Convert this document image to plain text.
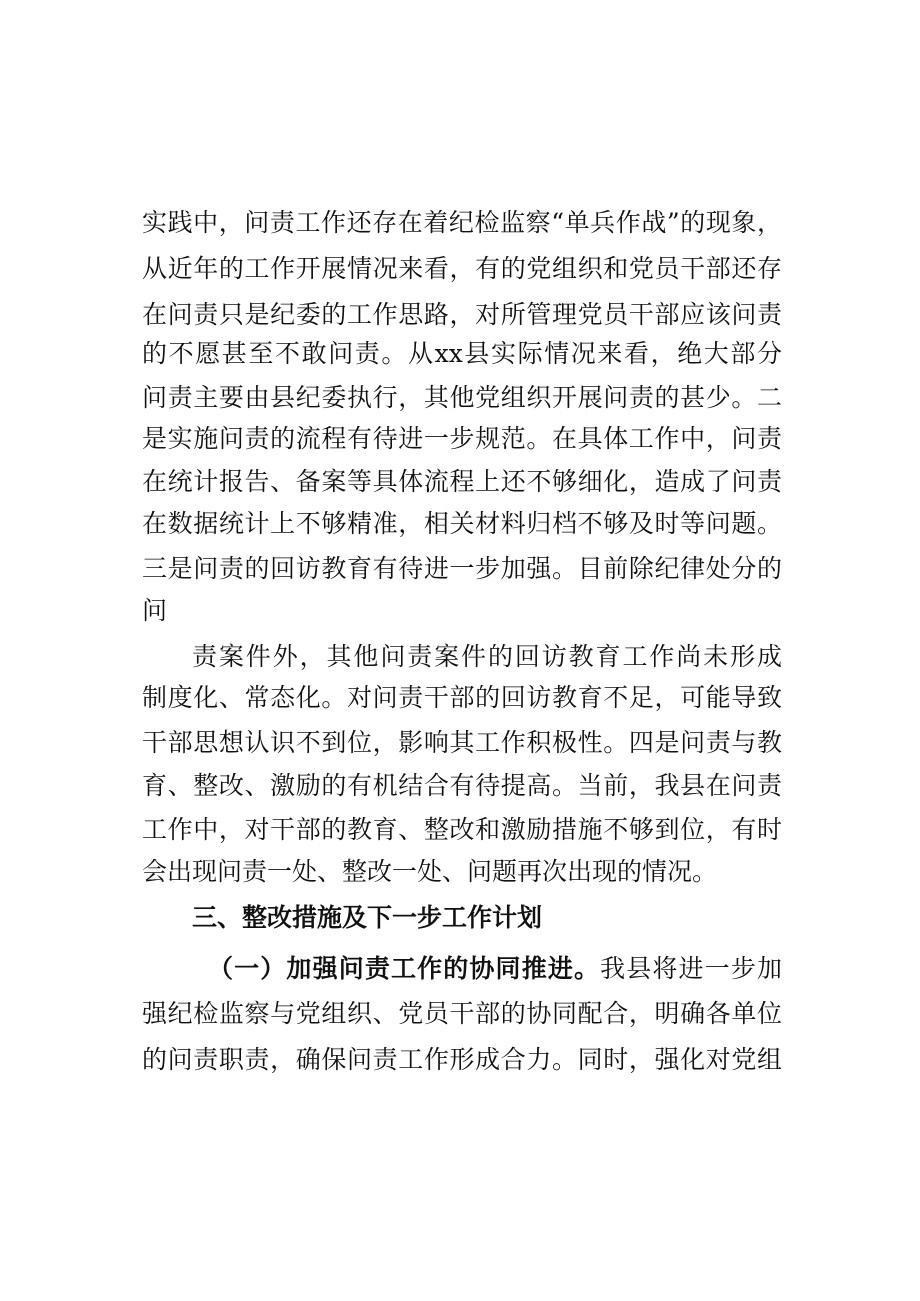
实践中，问责工作还存在着纪检监察“单兵作战”的现象，
从近年的工作开展情况来看，有的党组织和党员干部还存
在问责只是纪委的工作思路，对所管理党员干部应该问责
的不愿甚至不敢问责。从xx县实际情况来看，绝大部分
问责主要由县纪委执行，其他党组织开展问责的甚少。二
是实施问责的流程有待进一步规范。在具体工作中，问责
在统计报告、备案等具体流程上还不够细化，造成了问责
在数据统计上不够精准，相关材料归档不够及时等问题。
三是问责的回访教育有待进一步加强。目前除纪律处分的
问
责案件外，其他问责案件的回访教育工作尚未形成
制度化、常态化。对问责干部的回访教育不足，可能导致
干部思想认识不到位，影响其工作积极性。四是问责与教
育、整改、激励的有机结合有待提高。当前，我县在问责
工作中，对干部的教育、整改和激励措施不够到位，有时
会出现问责一处、整改一处、问题再次出现的情况。
三、整改措施及下一步工作计划
（一）加强问责工作的协同推进。我县将进一步加
强纪检监察与党组织、党员干部的协同配合，明确各单位
的问责职责，确保问责工作形成合力。同时，强化对党组
